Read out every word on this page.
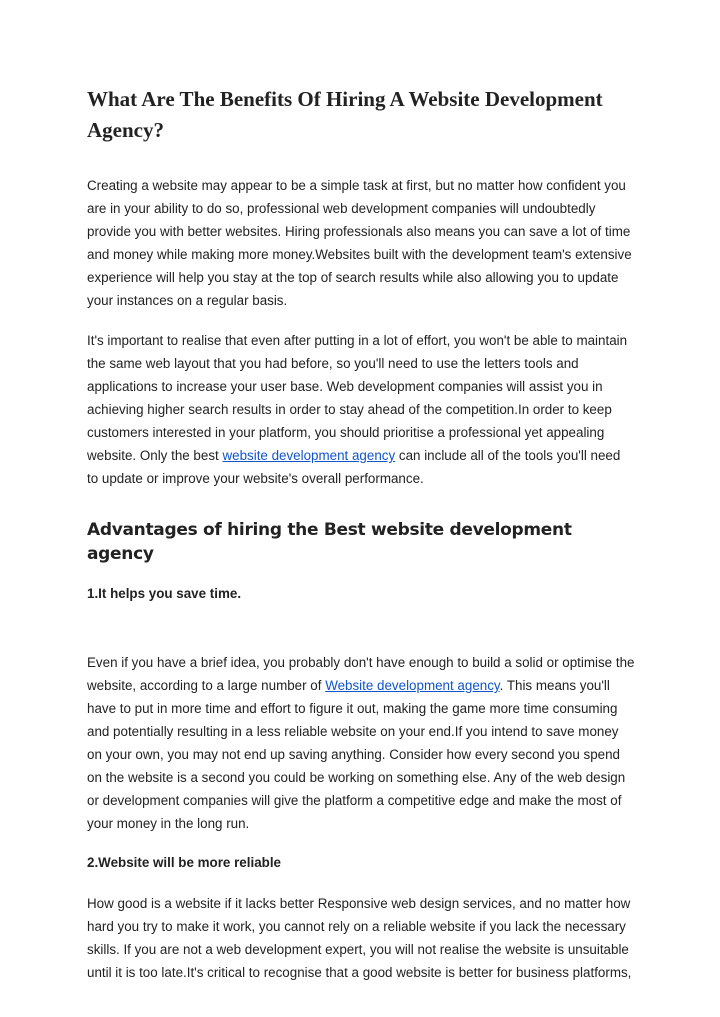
What Are The Benefits Of Hiring A Website Development Agency?

Creating a website may appear to be a simple task at first, but no matter how confident you are in your ability to do so, professional web development companies will undoubtedly provide you with better websites. Hiring professionals also means you can save a lot of time and money while making more money.Websites built with the development team's extensive experience will help you stay at the top of search results while also allowing you to update your instances on a regular basis.

It's important to realise that even after putting in a lot of effort, you won't be able to maintain the same web layout that you had before, so you'll need to use the letters tools and applications to increase your user base. Web development companies will assist you in achieving higher search results in order to stay ahead of the competition.In order to keep customers interested in your platform, you should prioritise a professional yet appealing website. Only the best website development agency can include all of the tools you'll need to update or improve your website's overall performance.

Advantages of hiring the Best website development agency
1.It helps you save time.

Even if you have a brief idea, you probably don't have enough to build a solid or optimise the website, according to a large number of Website development agency. This means you'll have to put in more time and effort to figure it out, making the game more time consuming and potentially resulting in a less reliable website on your end.If you intend to save money on your own, you may not end up saving anything. Consider how every second you spend on the website is a second you could be working on something else. Any of the web design or development companies will give the platform a competitive edge and make the most of your money in the long run.

2.Website will be more reliable

How good is a website if it lacks better Responsive web design services, and no matter how hard you try to make it work, you cannot rely on a reliable website if you lack the necessary skills. If you are not a web development expert, you will not realise the website is unsuitable until it is too late.It's critical to recognise that a good website is better for business platforms,
